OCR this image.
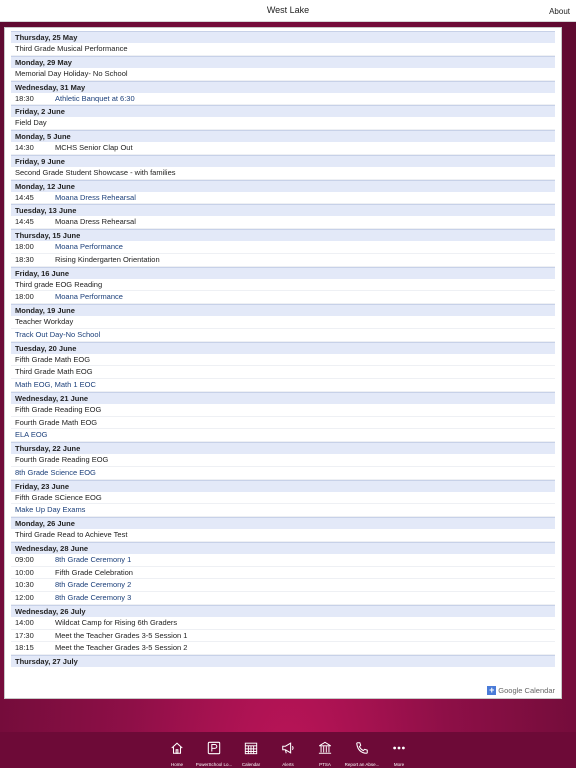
West Lake	About
Thursday, 25 May
Third Grade Musical Performance
Monday, 29 May
Memorial Day Holiday- No School
Wednesday, 31 May
18:30	Athletic Banquet at 6:30
Friday, 2 June
Field Day
Monday, 5 June
14:30	MCHS Senior Clap Out
Friday, 9 June
Second Grade Student Showcase - with families
Monday, 12 June
14:45	Moana Dress Rehearsal
Tuesday, 13 June
14:45	Moana Dress Rehearsal
Thursday, 15 June
18:00	Moana Performance
18:30	Rising Kindergarten Orientation
Friday, 16 June
Third grade EOG Reading
18:00	Moana Performance
Monday, 19 June
Teacher Workday
Track Out Day-No School
Tuesday, 20 June
Fifth Grade Math EOG
Third Grade Math EOG
Math EOG, Math 1 EOC
Wednesday, 21 June
Fifth Grade Reading EOG
Fourth Grade Math EOG
ELA EOG
Thursday, 22 June
Fourth Grade Reading EOG
8th Grade Science EOG
Friday, 23 June
Fifth Grade SCience EOG
Make Up Day Exams
Monday, 26 June
Third Grade Read to Achieve Test
Wednesday, 28 June
09:00	8th Grade Ceremony 1
10:00	Fifth Grade Celebration
10:30	8th Grade Ceremony 2
12:00	8th Grade Ceremony 3
Wednesday, 26 July
14:00	Wildcat Camp for Rising 6th Graders
17:30	Meet the Teacher Grades 3-5 Session 1
18:15	Meet the Teacher Grades 3-5 Session 2
Thursday, 27 July
+ Google Calendar
Home	PowerSchool Lo... Calendar	Alerts	PTSA	Report an Abse...	More
